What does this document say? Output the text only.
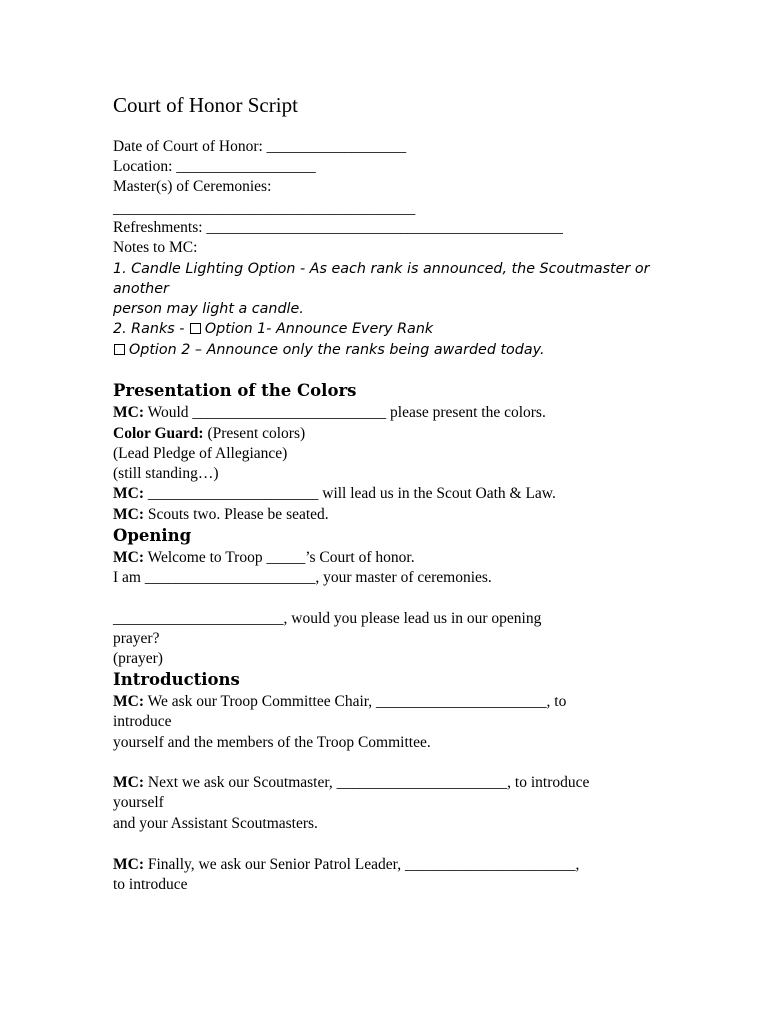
Court of Honor Script
Date of Court of Honor: __________________
Location: __________________
Master(s) of Ceremonies:
_______________________________________
Refreshments: ______________________________________________
Notes to MC:
1. Candle Lighting Option - As each rank is announced, the Scoutmaster or
another
person may light a candle.
2. Ranks - Option 1- Announce Every Rank
Option 2 – Announce only the ranks being awarded today.
Presentation of the Colors
MC: Would _________________________ please present the colors.
Color Guard: (Present colors)
(Lead Pledge of Allegiance)
(still standing…)
MC: ______________________ will lead us in the Scout Oath & Law.
MC: Scouts two. Please be seated.
Opening
MC: Welcome to Troop _____’s Court of honor.
I am ______________________, your master of ceremonies.
______________________, would you please lead us in our opening
prayer?
(prayer)
Introductions
MC: We ask our Troop Committee Chair, ______________________, to
introduce
yourself and the members of the Troop Committee.
MC: Next we ask our Scoutmaster, ______________________, to introduce
yourself
and your Assistant Scoutmasters.
MC: Finally, we ask our Senior Patrol Leader, ______________________,
to introduce
